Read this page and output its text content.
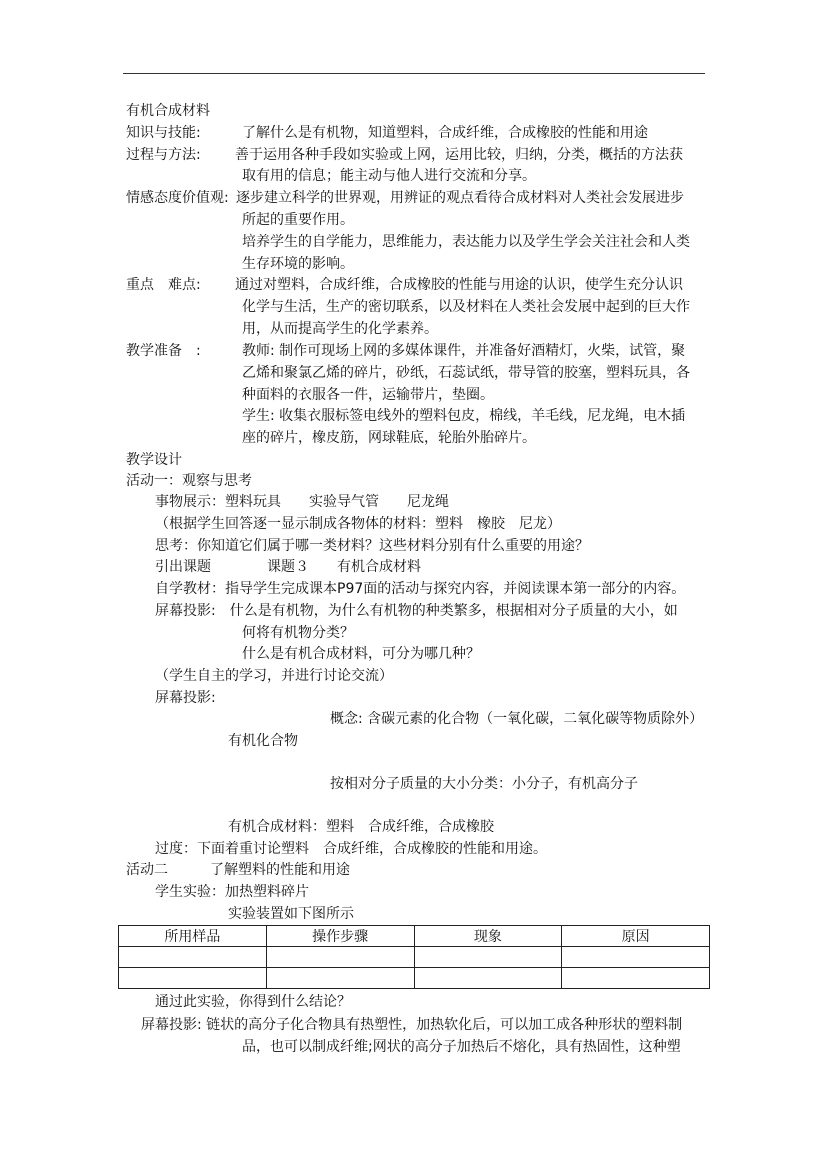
有机合成材料
知识与技能:	了解什么是有机物，知道塑料，合成纤维，合成橡胶的性能和用途
过程与方法: 善于运用各种手段如实验或上网，运用比较，归纳，分类，概括的方法获
取有用的信息；能主动与他人进行交流和分享。
情感态度价值观: 逐步建立科学的世界观，用辨证的观点看待合成材料对人类社会发展进步
所起的重要作用。
培养学生的自学能力，思维能力，表达能力以及学生学会关注社会和人类
生存环境的影响。
重点　难点: 通过对塑料，合成纤维，合成橡胶的性能与用途的认识，使学生充分认识
化学与生活，生产的密切联系，以及材料在人类社会发展中起到的巨大作
用，从而提高学生的化学素养。
教学准备　:	教师: 制作可现场上网的多媒体课件，并准备好酒精灯，火柴，试管，聚
乙烯和聚氯乙烯的碎片，砂纸，石蕊试纸，带导管的胶塞，塑料玩具，各
种面料的衣服各一件，运输带片，垫圈。
学生: 收集衣服标签电线外的塑料包皮，棉线，羊毛线，尼龙绳，电木插
座的碎片，橡皮筋，网球鞋底，轮胎外胎碎片。
教学设计
活动一：观察与思考
事物展示：塑料玩具　　实验导气管　　尼龙绳
（根据学生回答逐一显示制成各物体的材料：塑料　橡胶　尼龙）
思考：你知道它们属于哪一类材料？这些材料分别有什么重要的用途？
引出课题　　　　课题３　　有机合成材料
自学教材：指导学生完成课本P97面的活动与探究内容，并阅读课本第一部分的内容。
屏幕投影:　什么是有机物，为什么有机物的种类繁多，根据相对分子质量的大小，如
何将有机物分类？
什么是有机合成材料，可分为哪几种？
（学生自主的学习，并进行讨论交流）
屏幕投影:
概念: 含碳元素的化合物（一氧化碳，二氧化碳等物质除外）
有机化合物
按相对分子质量的大小分类：小分子，有机高分子
有机合成材料：塑料　合成纤维，合成橡胶
过度：下面着重讨论塑料　合成纤维，合成橡胶的性能和用途。
活动二　　　了解塑料的性能和用途
学生实验：加热塑料碎片
实验装置如下图所示
所用样品	操作步骤	现象	原因

通过此实验，你得到什么结论？
屏幕投影: 链状的高分子化合物具有热塑性，加热软化后，可以加工成各种形状的塑料制
品，也可以制成纤维;网状的高分子加热后不熔化，具有热固性，这种塑
